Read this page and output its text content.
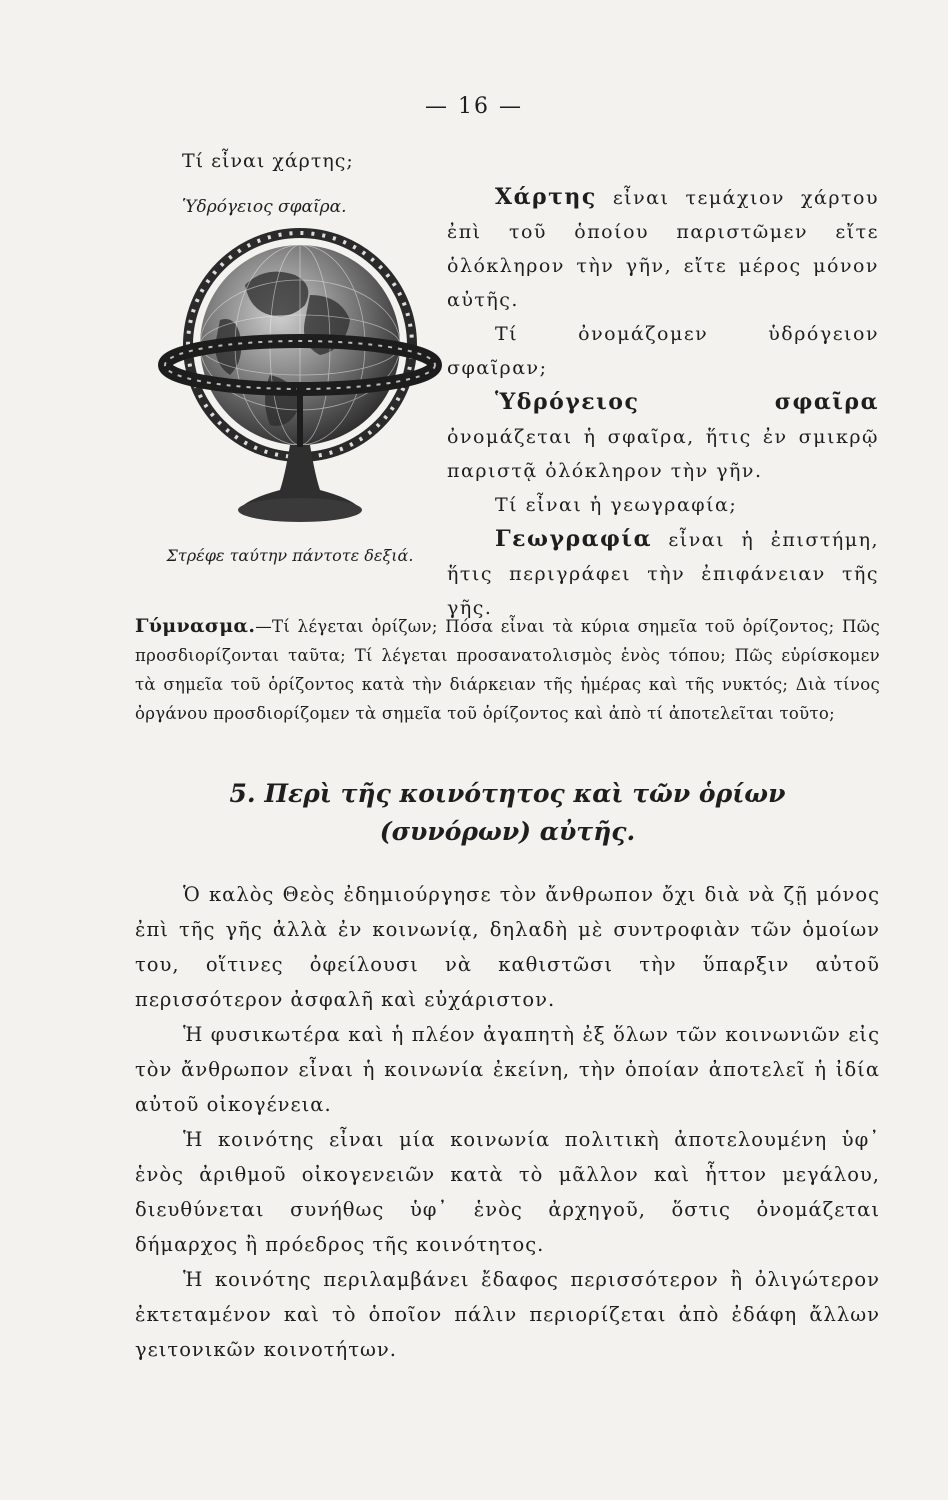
— 16 —
Τί εἶναι χάρτης;
Ὑδρόγειος σφαῖρα.
Στρέφε ταύτην πάντοτε δεξιά.

Χάρτης εἶναι τεμάχιον χάρτου ἐπὶ τοῦ ὁποίου παριστῶμεν εἴτε ὁλόκληρον τὴν γῆν, εἴτε μέρος μόνον αὐτῆς.

Τί ὀνομάζομεν ὑδρόγειον σφαῖραν;

Ὑδρόγειος σφαῖρα ὀνομάζεται ἡ σφαῖρα, ἥτις ἐν σμικρῷ παριστᾷ ὁλόκληρον τὴν γῆν.

Τί εἶναι ἡ γεωγραφία;

Γεωγραφία εἶναι ἡ ἐπιστήμη, ἥτις περιγράφει τὴν ἐπιφάνειαν τῆς γῆς.

Γύμνασμα.—Τί λέγεται ὁρίζων; Πόσα εἶναι τὰ κύρια σημεῖα τοῦ ὁρίζοντος; Πῶς προσδιορίζονται ταῦτα; Τί λέγεται προσανατολισμὸς ἑνὸς τόπου; Πῶς εὑρίσκομεν τὰ σημεῖα τοῦ ὁρίζοντος κατὰ τὴν διάρκειαν τῆς ἡμέρας καὶ τῆς νυκτός; Διὰ τίνος ὀργάνου προσδιορίζομεν τὰ σημεῖα τοῦ ὁρίζοντος καὶ ἀπὸ τί ἀποτελεῖται τοῦτο;
5. Περὶ τῆς κοινότητος καὶ τῶν ὁρίων
(συνόρων) αὐτῆς.

Ὁ καλὸς Θεὸς ἐδημιούργησε τὸν ἄνθρωπον ὄχι διὰ νὰ ζῇ μόνος ἐπὶ τῆς γῆς ἀλλὰ ἐν κοινωνίᾳ, δηλαδὴ μὲ συντροφιὰν τῶν ὁμοίων του, οἵτινες ὀφείλουσι νὰ καθιστῶσι τὴν ὕπαρξιν αὐτοῦ περισσότερον ἀσφαλῆ καὶ εὐχάριστον.

Ἡ φυσικωτέρα καὶ ἡ πλέον ἀγαπητὴ ἐξ ὅλων τῶν κοινωνιῶν εἰς τὸν ἄνθρωπον εἶναι ἡ κοινωνία ἐκείνη, τὴν ὁποίαν ἀποτελεῖ ἡ ἰδία αὐτοῦ οἰκογένεια.

Ἡ κοινότης εἶναι μία κοινωνία πολιτικὴ ἀποτελουμένη ὑφ᾽ ἑνὸς ἀριθμοῦ οἰκογενειῶν κατὰ τὸ μᾶλλον καὶ ἧττον μεγάλου, διευθύνεται συνήθως ὑφ᾽ ἑνὸς ἀρχηγοῦ, ὅστις ὀνομάζεται δήμαρχος ἢ πρόεδρος τῆς κοινότητος.

Ἡ κοινότης περιλαμβάνει ἔδαφος περισσότερον ἢ ὀλιγώτερον ἐκτεταμένον καὶ τὸ ὁποῖον πάλιν περιορίζεται ἀπὸ ἐδάφη ἄλλων γειτονικῶν κοινοτήτων.
